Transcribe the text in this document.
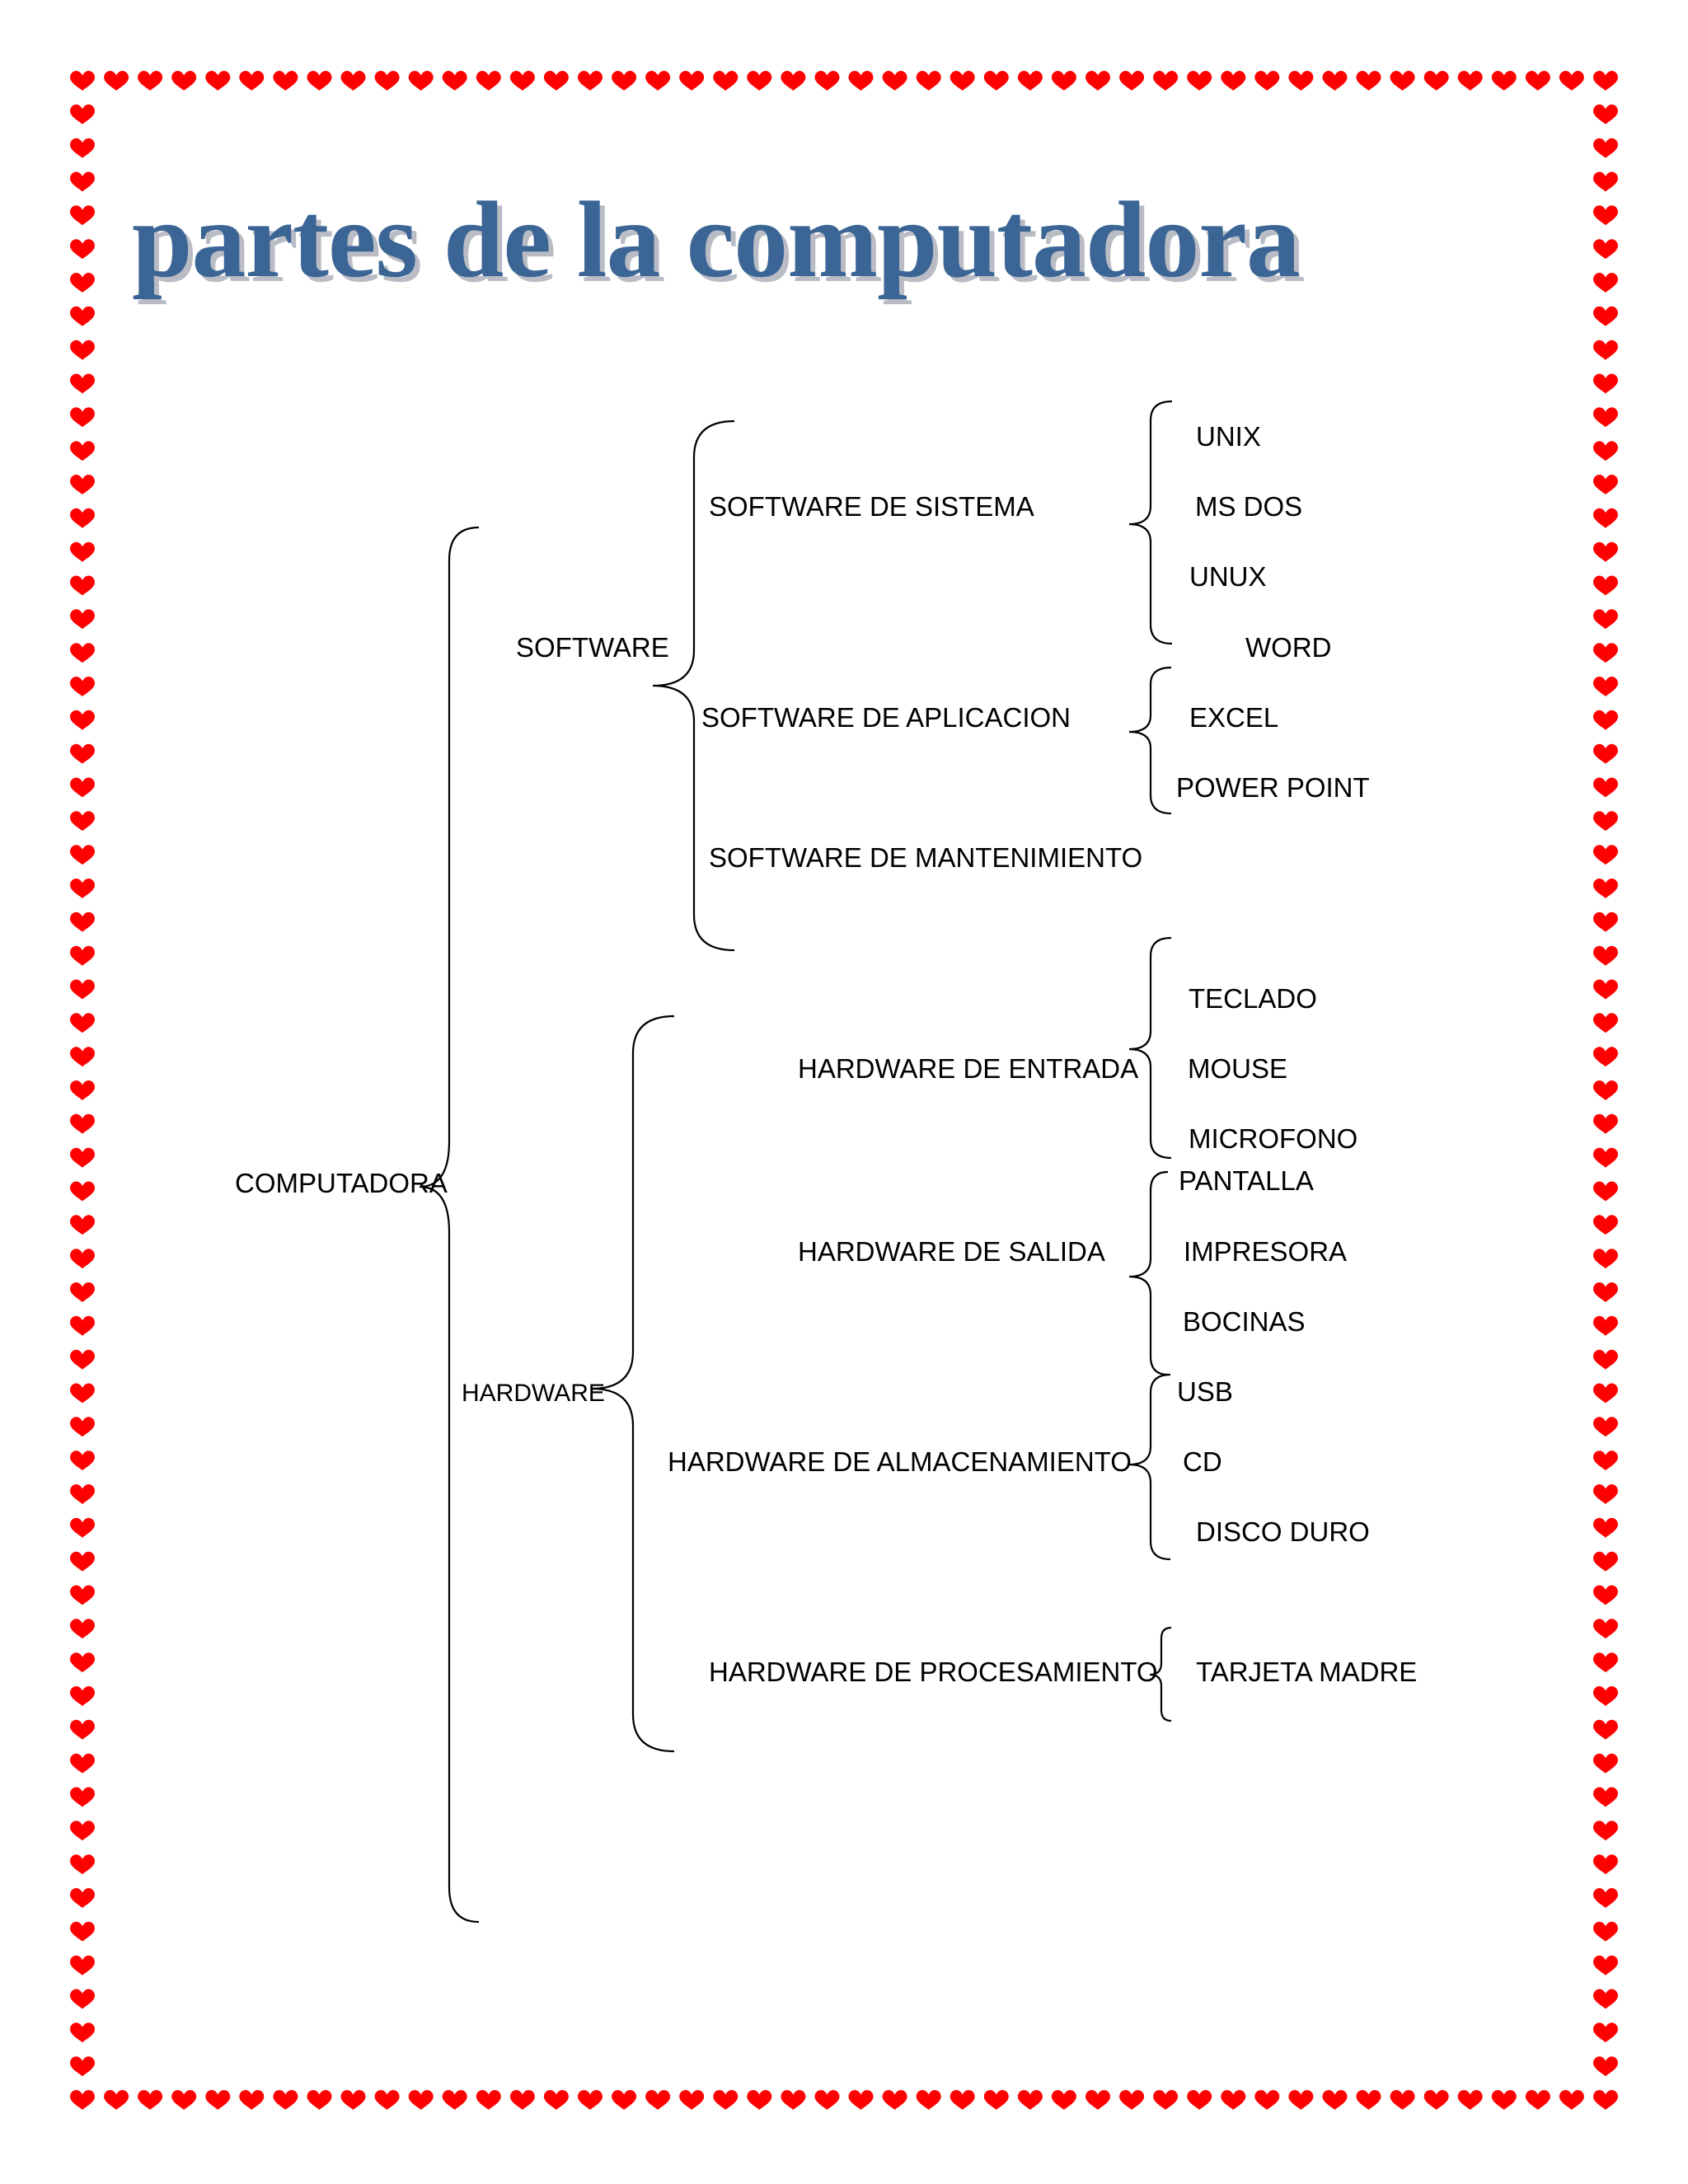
partes de la computadora
COMPUTADORA
SOFTWARE
HARDWARE
SOFTWARE DE SISTEMA
SOFTWARE DE APLICACION
SOFTWARE DE MANTENIMIENTO
HARDWARE DE ENTRADA
HARDWARE DE SALIDA
HARDWARE DE ALMACENAMIENTO
HARDWARE DE PROCESAMIENTO
UNIX
MS DOS
UNUX
WORD
EXCEL
POWER POINT
TECLADO
MOUSE
MICROFONO
PANTALLA
IMPRESORA
BOCINAS
USB
CD
DISCO DURO
TARJETA MADRE
